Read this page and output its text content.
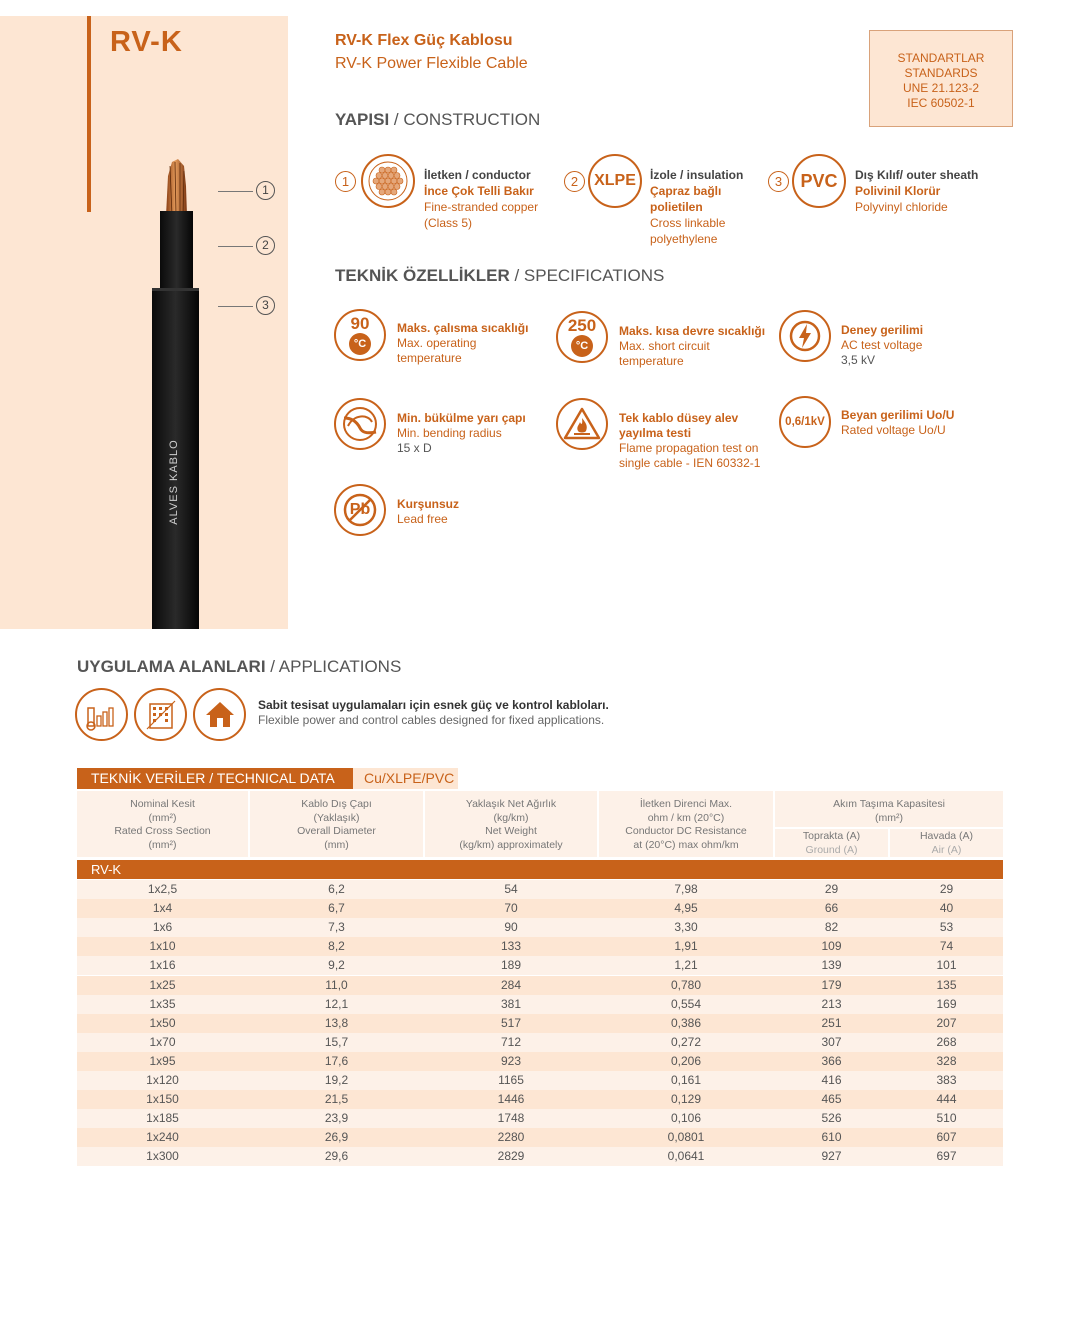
ALVES KABLO
RV-K
1
2
3
RV-K Flex Güç Kablosu
RV-K Power Flexible Cable	STANDARTLAR
STANDARDS
UNE 21.123-2
IEC 60502-1
YAPISI / CONSTRUCTION
1	İletken / conductor
İnce Çok Telli Bakır
Fine-stranded copper
(Class 5)
2 XLPE İzole / insulation
Çapraz bağlı polietilen
Cross linkable
polyethylene
3	PVC Dış Kılıf/ outer sheath
Polivinil Klorür
Polyvinyl chloride
TEKNİK ÖZELLİKLER / SPECIFICATIONS
90
°C
Maks. çalısma sıcaklığı
Max. operating
temperature
250
°C
Maks. kısa devre sıcaklığı
Max. short circuit
temperature
Deney gerilimi
AC test voltage
3,5 kV
Min. bükülme yarı çapı
Min. bending radius
15 x D
Tek kablo düsey alev yayılma testi
Flame propagation test on
single cable - IEN 60332-1
0,6/1kV Beyan gerilimi Uo/U
Rated voltage Uo/U
Pb	Kurşunsuz
Lead free
UYGULAMA ALANLARI / APPLICATIONS
Sabit tesisat uygulamaları için esnek güç ve kontrol kabloları.
Flexible power and control cables designed for fixed applications.
TEKNİK VERİLER / TECHNICAL DATA	Cu/XLPE/PVC
Nominal Kesit
(mm²)
Rated Cross Section
(mm²)
Kablo Dış Çapı
(Yaklaşık)
Overall Diameter
(mm)
Yaklaşık Net Ağırlık
(kg/km)
Net Weight
(kg/km) approximately
İletken Direnci Max.
ohm / km (20°C)
Conductor DC Resistance
at (20°C) max ohm/km
Akım Taşıma Kapasitesi
(mm²)
Toprakta (A)
Ground (A)
Havada (A)
Air (A)
RV-K
1x2,5	6,2	54	7,98	29	29
1x4	6,7	70	4,95	66	40
1x6	7,3	90	3,30	82	53
1x10	8,2	133	1,91	109	74
1x16	9,2	189	1,21	139	101
1x25	11,0	284	0,780	179	135
1x35	12,1	381	0,554	213	169
1x50	13,8	517	0,386	251	207
1x70	15,7	712	0,272	307	268
1x95	17,6	923	0,206	366	328
1x120	19,2	1165	0,161	416	383
1x150	21,5	1446	0,129	465	444
1x185	23,9	1748	0,106	526	510
1x240	26,9	2280	0,0801	610	607
1x300	29,6	2829	0,0641	927	697
